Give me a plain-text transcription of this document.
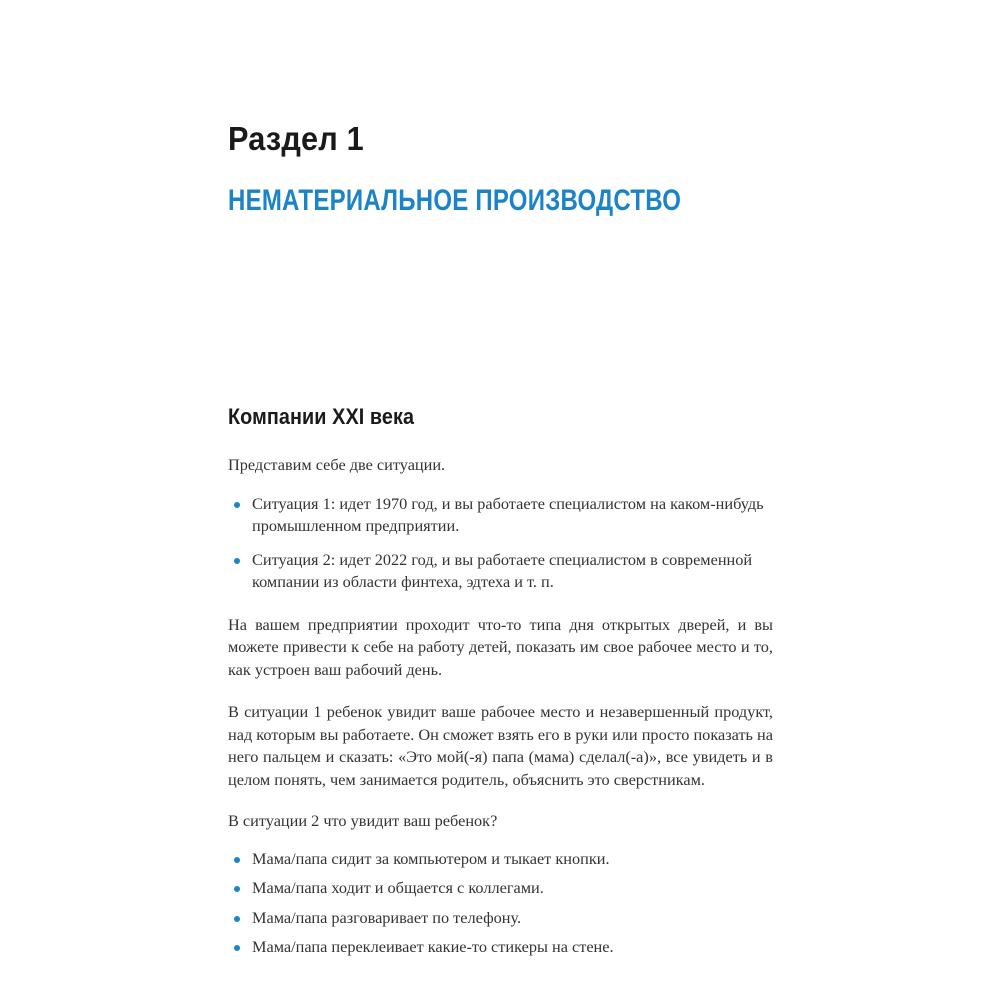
Раздел 1
НЕМАТЕРИАЛЬНОЕ ПРОИЗВОДСТВО
Компании XXI века

Представим себе две ситуации.

Ситуация 1: идет 1970 год, и вы работаете специалистом на каком-нибудь промышленном предприятии.
Ситуация 2: идет 2022 год, и вы работаете специалистом в современной компании из области финтеха, эдтеха и т. п.

На вашем предприятии проходит что-то типа дня открытых дверей, и вы можете привести к себе на работу детей, показать им свое рабочее место и то, как устроен ваш рабочий день.

В ситуации 1 ребенок увидит ваше рабочее место и незавершенный продукт, над которым вы работаете. Он сможет взять его в руки или просто показать на него пальцем и сказать: «Это мой(-я) папа (мама) сделал(-а)», все увидеть и в целом понять, чем занимается родитель, объяснить это сверстникам.

В ситуации 2 что увидит ваш ребенок?

Мама/папа сидит за компьютером и тыкает кнопки.
Мама/папа ходит и общается с коллегами.
Мама/папа разговаривает по телефону.
Мама/папа переклеивает какие-то стикеры на стене.
